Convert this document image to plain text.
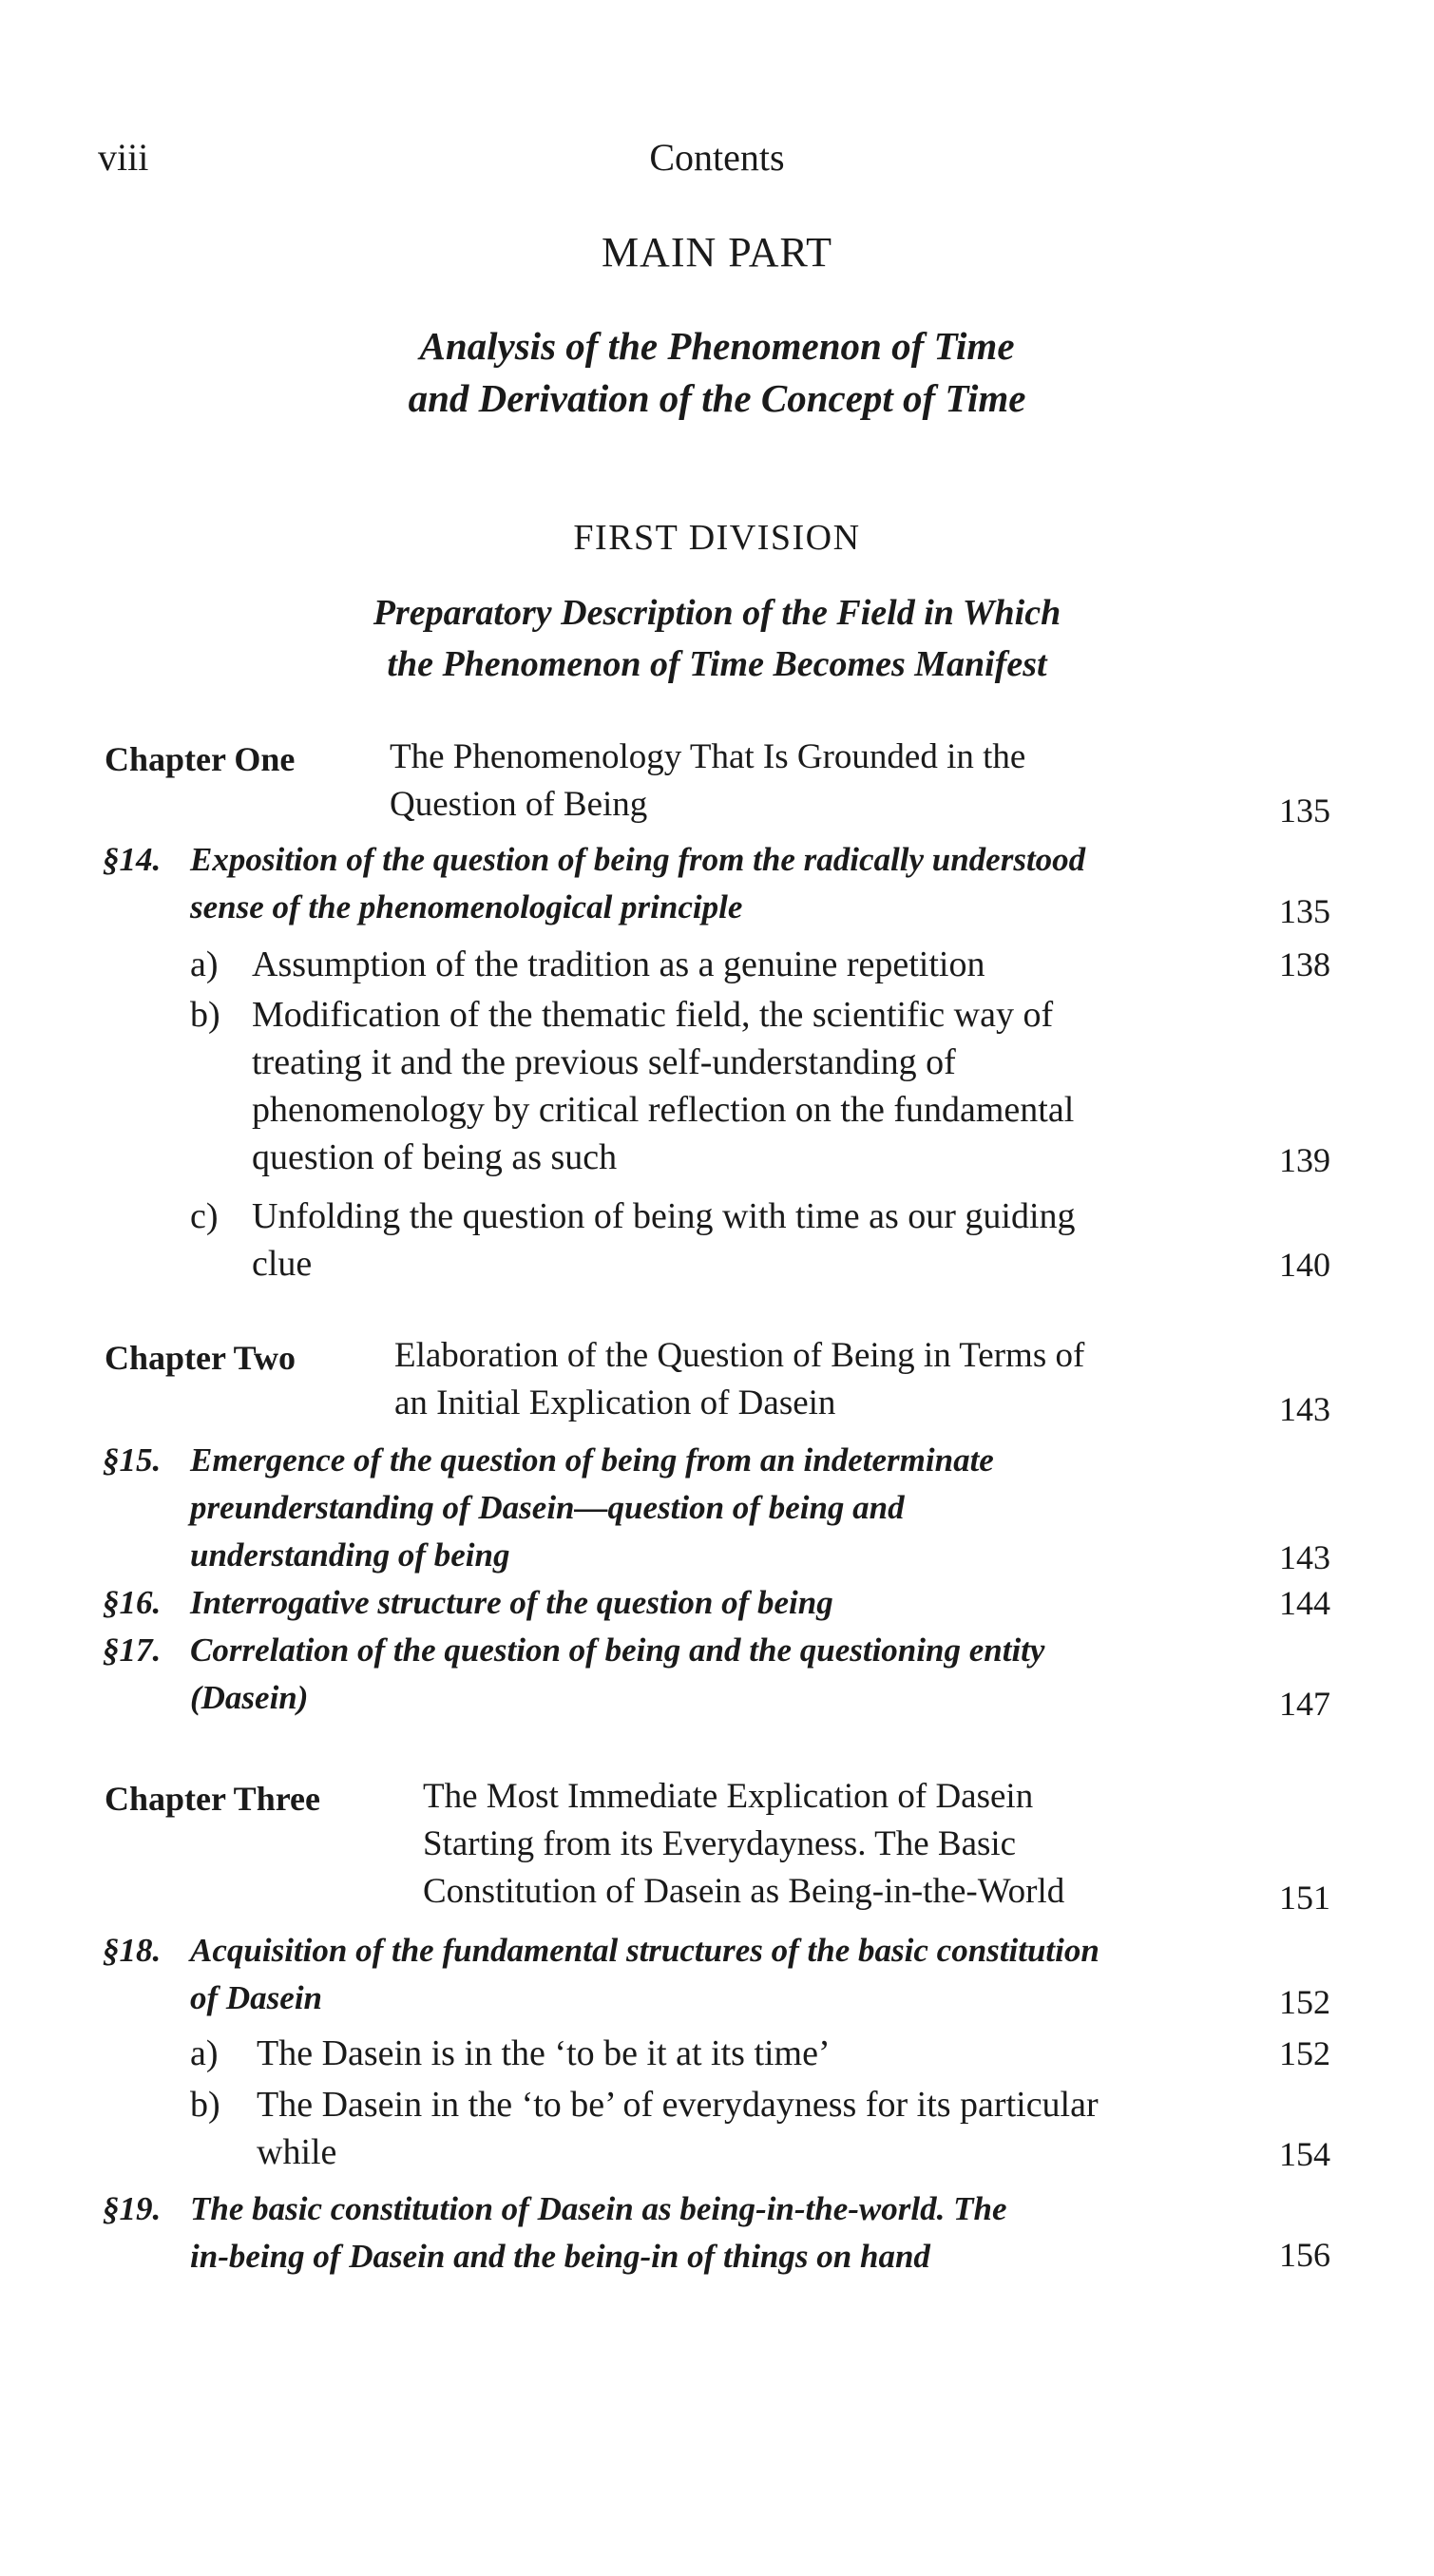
viii	Contents
MAIN PART
Analysis of the Phenomenon of Time
and Derivation of the Concept of Time
FIRST DIVISION
Preparatory Description of the Field in Which
the Phenomenon of Time Becomes Manifest
Chapter One	The Phenomenology That Is Grounded in the
Question of Being	135
§14. Exposition of the question of being from the radically understood
sense of the phenomenological principle	135
a) Assumption of the tradition as a genuine repetition	138
b) Modification of the thematic field, the scientific way of
treating it and the previous self-understanding of
phenomenology by critical reflection on the fundamental
question of being as such	139
c) Unfolding the question of being with time as our guiding
clue	140
Chapter Two	Elaboration of the Question of Being in Terms of
an Initial Explication of Dasein	143
§15. Emergence of the question of being from an indeterminate
preunderstanding of Dasein—question of being and
understanding of being	143
§16. Interrogative structure of the question of being	144
§17. Correlation of the question of being and the questioning entity
(Dasein)	147
Chapter Three	The Most Immediate Explication of Dasein
Starting from its Everydayness. The Basic
Constitution of Dasein as Being-in-the-World	151
§18. Acquisition of the fundamental structures of the basic constitution
of Dasein	152
a) The Dasein is in the ‘to be it at its time’	152
b) The Dasein in the ‘to be’ of everydayness for its particular
while	154
§19. The basic constitution of Dasein as being-in-the-world. The
in-being of Dasein and the being-in of things on hand	156
